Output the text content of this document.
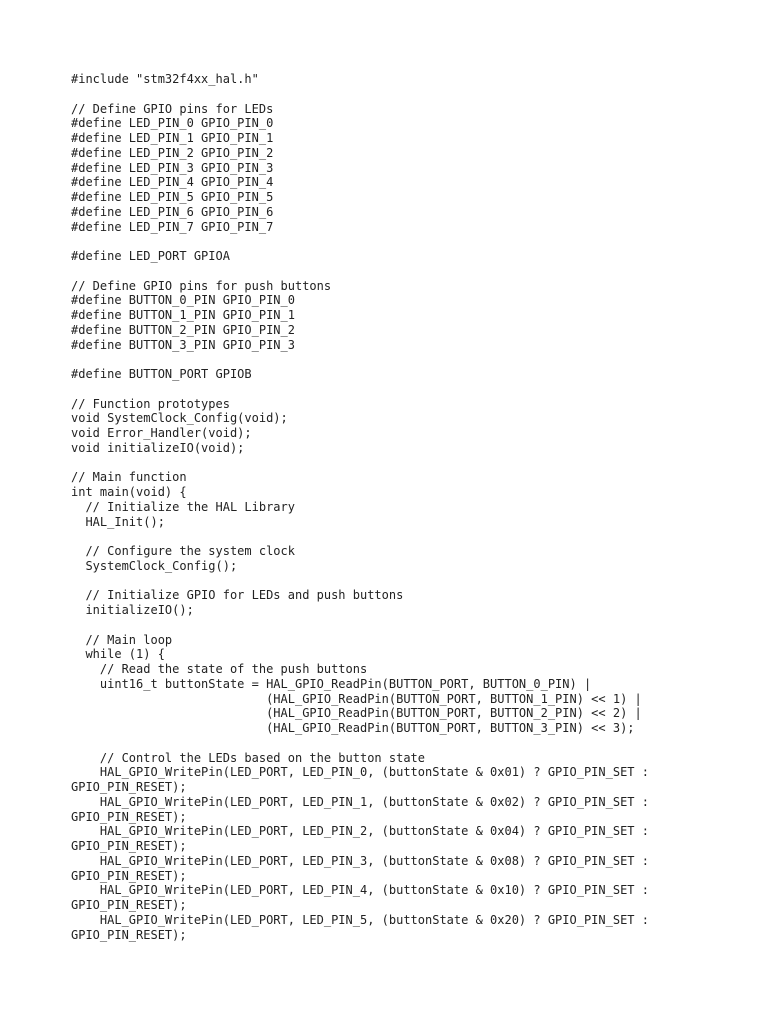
#include "stm32f4xx_hal.h"
// Define GPIO pins for LEDs
#define LED_PIN_0 GPIO_PIN_0
#define LED_PIN_1 GPIO_PIN_1
#define LED_PIN_2 GPIO_PIN_2
#define LED_PIN_3 GPIO_PIN_3
#define LED_PIN_4 GPIO_PIN_4
#define LED_PIN_5 GPIO_PIN_5
#define LED_PIN_6 GPIO_PIN_6
#define LED_PIN_7 GPIO_PIN_7
#define LED_PORT GPIOA
// Define GPIO pins for push buttons
#define BUTTON_0_PIN GPIO_PIN_0
#define BUTTON_1_PIN GPIO_PIN_1
#define BUTTON_2_PIN GPIO_PIN_2
#define BUTTON_3_PIN GPIO_PIN_3
#define BUTTON_PORT GPIOB
// Function prototypes
void SystemClock_Config(void);
void Error_Handler(void);
void initializeIO(void);
// Main function
int main(void) {
// Initialize the HAL Library
HAL_Init();
// Configure the system clock
SystemClock_Config();
// Initialize GPIO for LEDs and push buttons
initializeIO();
// Main loop
while (1) {
// Read the state of the push buttons
uint16_t buttonState = HAL_GPIO_ReadPin(BUTTON_PORT, BUTTON_0_PIN) |
(HAL_GPIO_ReadPin(BUTTON_PORT, BUTTON_1_PIN) << 1) |
(HAL_GPIO_ReadPin(BUTTON_PORT, BUTTON_2_PIN) << 2) |
(HAL_GPIO_ReadPin(BUTTON_PORT, BUTTON_3_PIN) << 3);
// Control the LEDs based on the button state
HAL_GPIO_WritePin(LED_PORT, LED_PIN_0, (buttonState & 0x01) ? GPIO_PIN_SET :
GPIO_PIN_RESET);
HAL_GPIO_WritePin(LED_PORT, LED_PIN_1, (buttonState & 0x02) ? GPIO_PIN_SET :
GPIO_PIN_RESET);
HAL_GPIO_WritePin(LED_PORT, LED_PIN_2, (buttonState & 0x04) ? GPIO_PIN_SET :
GPIO_PIN_RESET);
HAL_GPIO_WritePin(LED_PORT, LED_PIN_3, (buttonState & 0x08) ? GPIO_PIN_SET :
GPIO_PIN_RESET);
HAL_GPIO_WritePin(LED_PORT, LED_PIN_4, (buttonState & 0x10) ? GPIO_PIN_SET :
GPIO_PIN_RESET);
HAL_GPIO_WritePin(LED_PORT, LED_PIN_5, (buttonState & 0x20) ? GPIO_PIN_SET :
GPIO_PIN_RESET);
